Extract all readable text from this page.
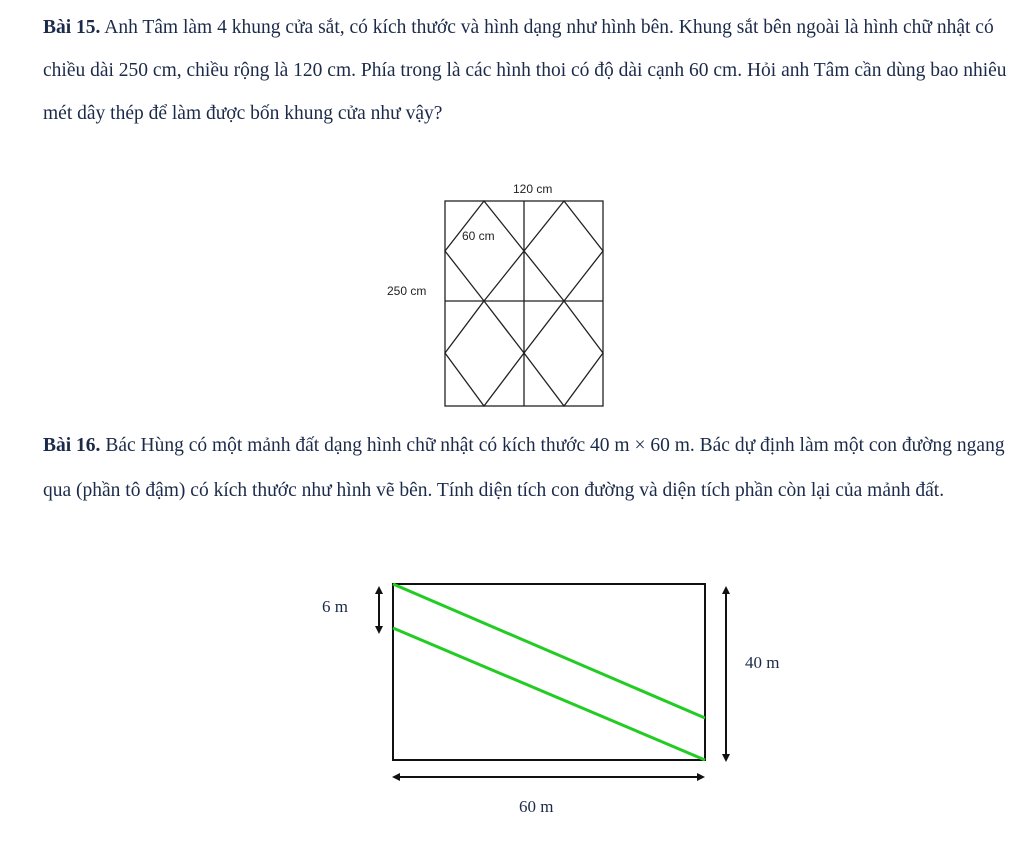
Bài 15. Anh Tâm làm 4 khung cửa sắt, có kích thước và hình dạng như hình bên. Khung sắt bên ngoài là hình chữ nhật có chiều dài 250 cm, chiều rộng là 120 cm. Phía trong là các hình thoi có độ dài cạnh 60 cm. Hỏi anh Tâm cần dùng bao nhiêu mét dây thép để làm được bốn khung cửa như vậy?

120 cm
60 cm
250 cm

Bài 16. Bác Hùng có một mảnh đất dạng hình chữ nhật có kích thước 40 m × 60 m. Bác dự định làm một con đường ngang qua (phần tô đậm) có kích thước như hình vẽ bên. Tính diện tích con đường và diện tích phần còn lại của mảnh đất.

6 m
40 m
60 m
